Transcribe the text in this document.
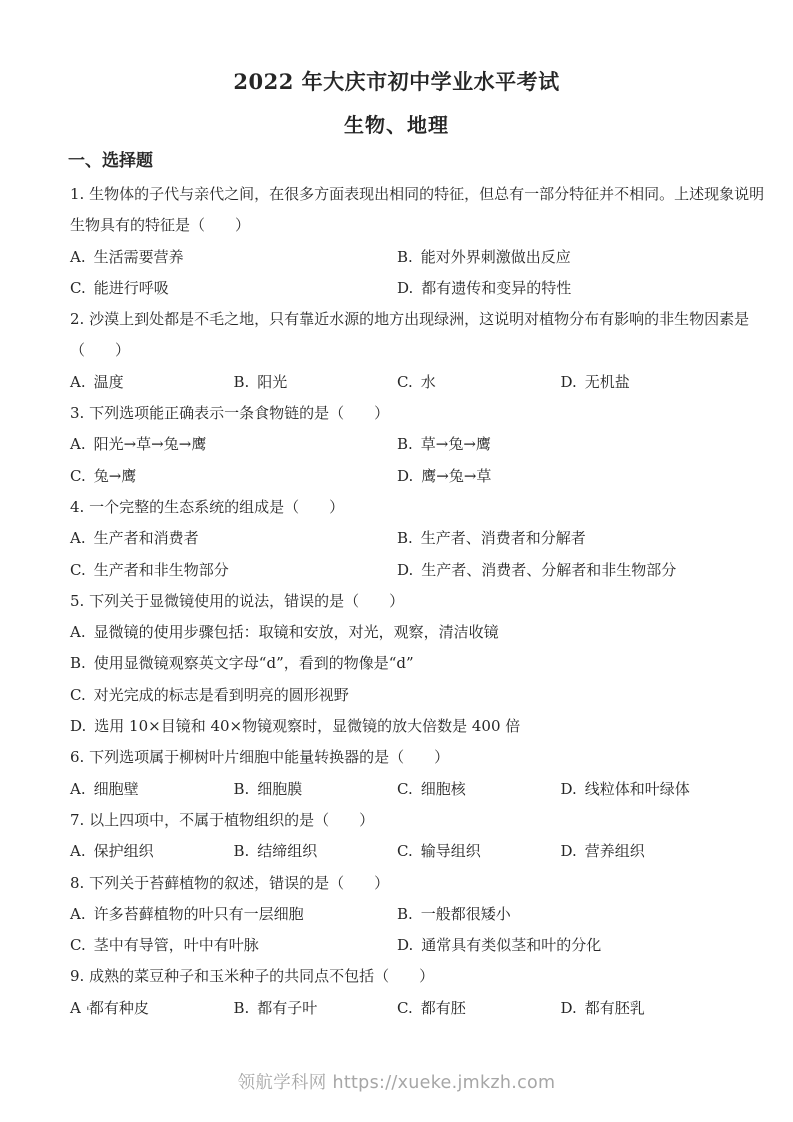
2022 年大庆市初中学业水平考试
生物、地理
一、选择题
1. 生物体的子代与亲代之间，在很多方面表现出相同的特征，但总有一部分特征并不相同。上述现象说明
生物具有的特征是（　　）
A. 生活需要营养	B. 能对外界刺激做出反应
C. 能进行呼吸	D. 都有遗传和变异的特性
2. 沙漠上到处都是不毛之地，只有靠近水源的地方出现绿洲，这说明对植物分布有影响的非生物因素是
（　　）
A. 温度	B. 阳光	C. 水	D. 无机盐
3. 下列选项能正确表示一条食物链的是（　　）
A. 阳光→草→兔→鹰	B. 草→兔→鹰
C. 兔→鹰	D. 鹰→兔→草
4. 一个完整的生态系统的组成是（　　）
A. 生产者和消费者	B. 生产者、消费者和分解者
C. 生产者和非生物部分	D. 生产者、消费者、分解者和非生物部分
5. 下列关于显微镜使用的说法，错误的是（　　）
A. 显微镜的使用步骤包括：取镜和安放，对光，观察，清洁收镜
B. 使用显微镜观察英文字母“d”，看到的物像是“d”
C. 对光完成的标志是看到明亮的圆形视野
D. 选用 10×目镜和 40×物镜观察时，显微镜的放大倍数是 400 倍
6. 下列选项属于柳树叶片细胞中能量转换器的是（　　）
A. 细胞壁	B. 细胞膜	C. 细胞核	D. 线粒体和叶绿体
7. 以上四项中，不属于植物组织的是（　　）
A. 保护组织	B. 结缔组织	C. 输导组织	D. 营养组织
8. 下列关于苔藓植物的叙述，错误的是（　　）
A. 许多苔藓植物的叶只有一层细胞	B. 一般都很矮小
C. 茎中有导管，叶中有叶脉	D. 通常具有类似茎和叶的分化
9. 成熟的菜豆种子和玉米种子的共同点不包括（　　）
A 都有种皮	B. 都有子叶	C. 都有胚	D. 都有胚乳
'
领航学科网 https://xueke.jmkzh.com
